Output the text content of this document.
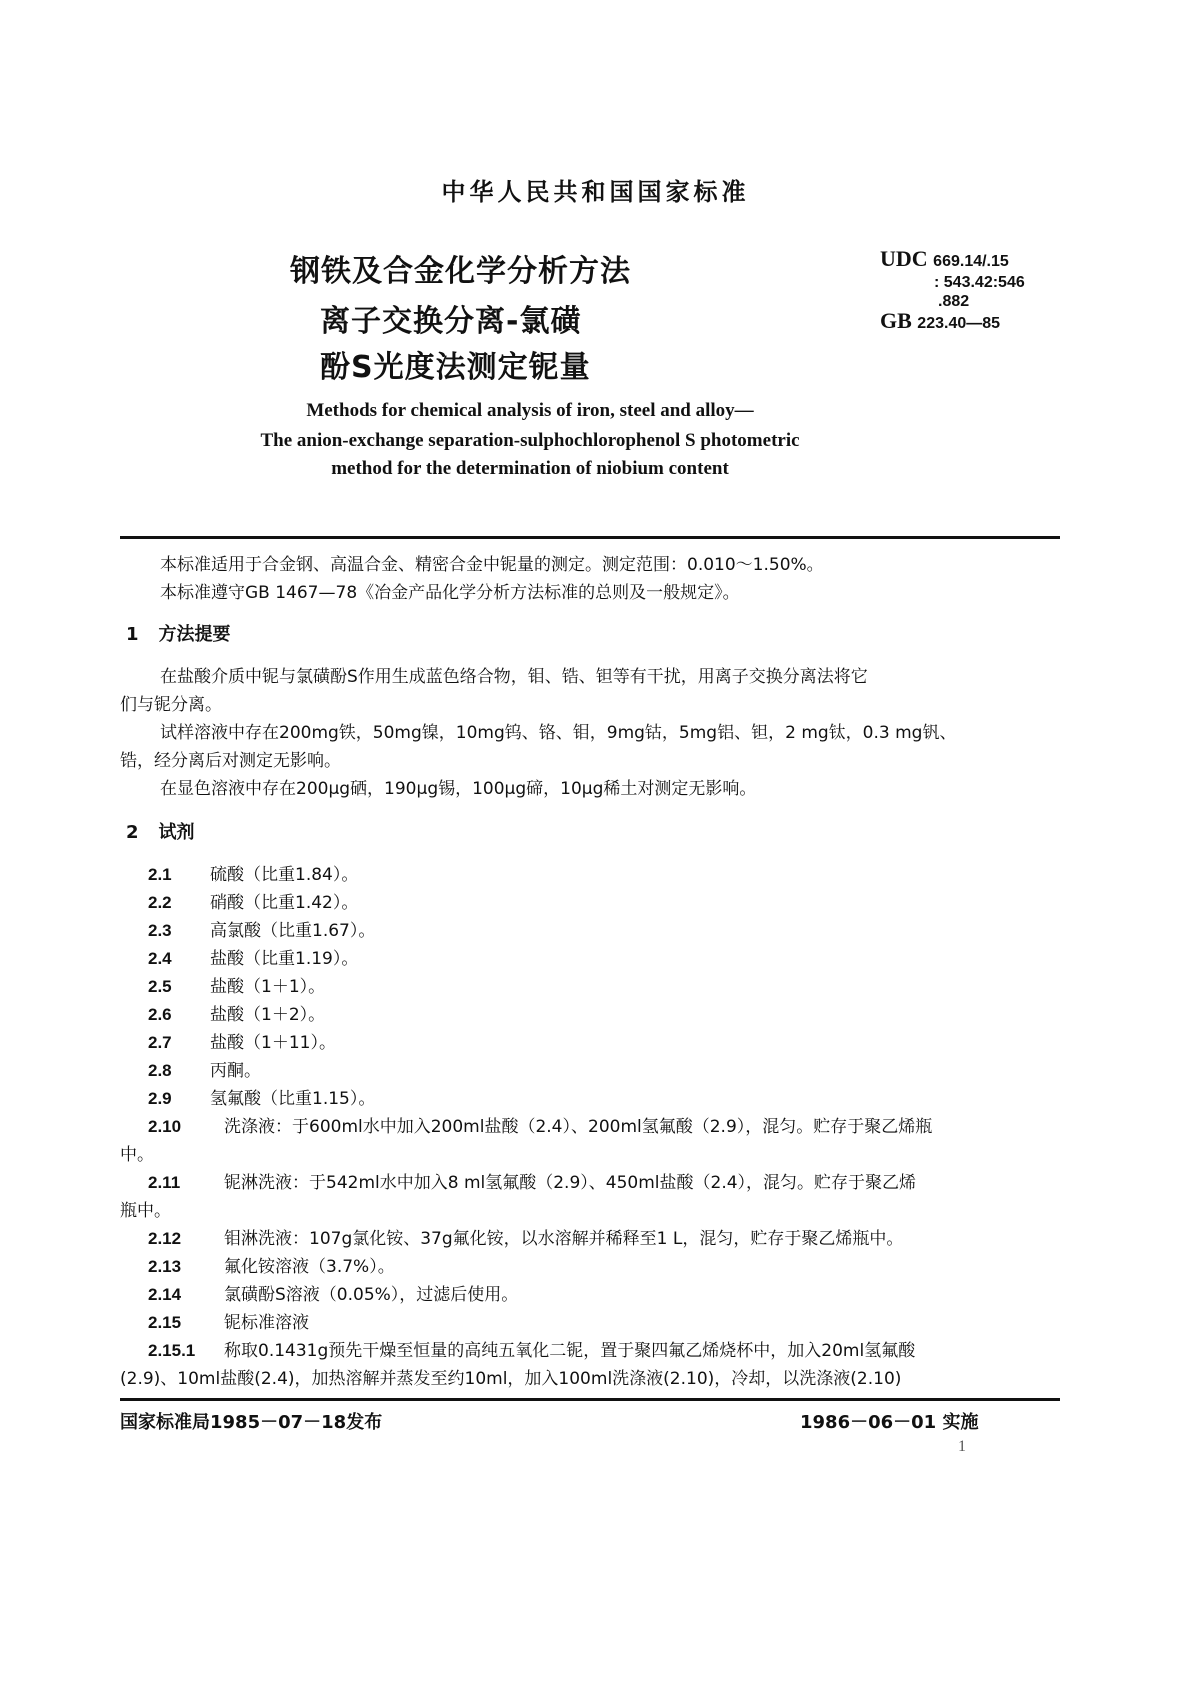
中华人民共和国国家标准
钢铁及合金化学分析方法
离子交换分离-氯磺
酚S光度法测定铌量
UDC 669.14/.15
: 543.42:546
.882
GB 223.40—85
Methods for chemical analysis of iron, steel and alloy—
The anion-exchange separation-sulphochlorophenol S photometric
method for the determination of niobium content
本标准适用于合金钢、高温合金、精密合金中铌量的测定。测定范围：0.010～1.50%。
本标准遵守GB 1467—78《冶金产品化学分析方法标准的总则及一般规定》。
1 方法提要
在盐酸介质中铌与氯磺酚S作用生成蓝色络合物，钼、锆、钽等有干扰，用离子交换分离法将它
们与铌分离。
试样溶液中存在200mg铁，50mg镍，10mg钨、铬、钼，9mg钴，5mg铝、钽，2 mg钛，0.3 mg钒、
锆，经分离后对测定无影响。
在显色溶液中存在200μg硒，190μg锡，100μg碲，10μg稀土对测定无影响。
2 试剂
2.1 硫酸（比重1.84）。
2.2 硝酸（比重1.42）。
2.3 高氯酸（比重1.67）。
2.4 盐酸（比重1.19）。
2.5 盐酸（1＋1）。
2.6 盐酸（1＋2）。
2.7 盐酸（1＋11）。
2.8 丙酮。
2.9 氢氟酸（比重1.15）。
2.10	洗涤液：于600ml水中加入200ml盐酸（2.4）、200ml氢氟酸（2.9），混匀。贮存于聚乙烯瓶
中。
2.11	铌淋洗液：于542ml水中加入8 ml氢氟酸（2.9）、450ml盐酸（2.4），混匀。贮存于聚乙烯
瓶中。
2.12	钼淋洗液：107g氯化铵、37g氟化铵，以水溶解并稀释至1 L，混匀，贮存于聚乙烯瓶中。
2.13	氟化铵溶液（3.7%）。
2.14	氯磺酚S溶液（0.05%），过滤后使用。
2.15	铌标准溶液
2.15.1 称取0.1431g预先干燥至恒量的高纯五氧化二铌，置于聚四氟乙烯烧杯中，加入20ml氢氟酸
(2.9)、10ml盐酸(2.4)，加热溶解并蒸发至约10ml，加入100ml洗涤液(2.10)，冷却，以洗涤液(2.10)
国家标准局1985－07－18发布	1986－06－01 实施
1
